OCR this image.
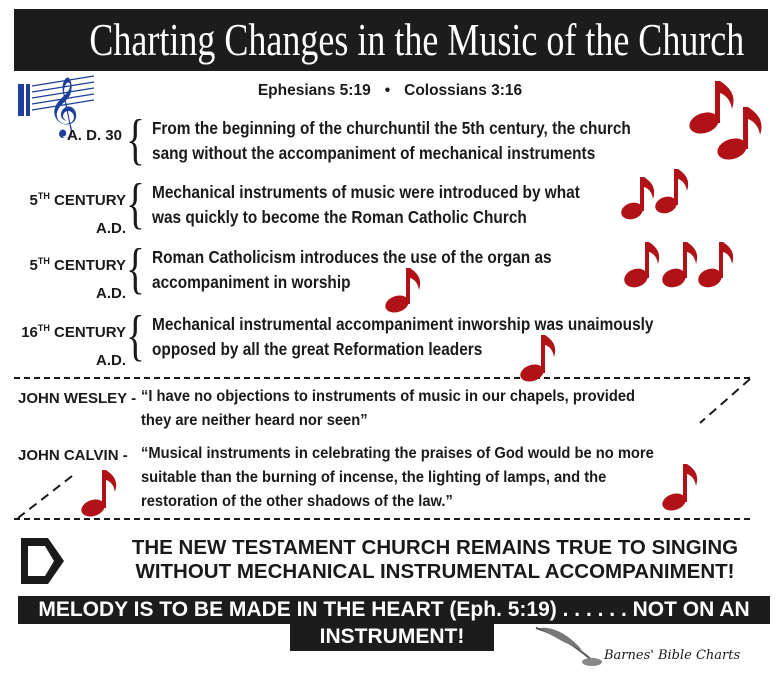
Charting Changes in the Music of the Church
𝄞	Ephesians 5:19 • Colossians 3:16
A. D. 30 { From the beginning of the churchuntil the 5th century, the church
sang without the accompaniment of mechanical instruments
5TH CENTURY
A.D. { Mechanical instruments of music were introduced by what
was quickly to become the Roman Catholic Church
5TH CENTURY
A.D. { Roman Catholicism introduces the use of the organ as
accompaniment in worship
16TH CENTURY
A.D. { Mechanical instrumental accompaniment inworship was unaimously
opposed by all the great Reformation leaders
JOHN WESLEY - “I have no objections to instruments of music in our chapels, provided
they are neither heard nor seen”
JOHN CALVIN - “Musical instruments in celebrating the praises of God would be no more
suitable than the burning of incense, the lighting of lamps, and the
restoration of the other shadows of the law.”
THE NEW TESTAMENT CHURCH REMAINS TRUE TO SINGING
WITHOUT MECHANICAL INSTRUMENTAL ACCOMPANIMENT!
MELODY IS TO BE MADE IN THE HEART (Eph. 5:19) . . . . . . NOT ON AN
INSTRUMENT!
Barnes' Bible Charts
